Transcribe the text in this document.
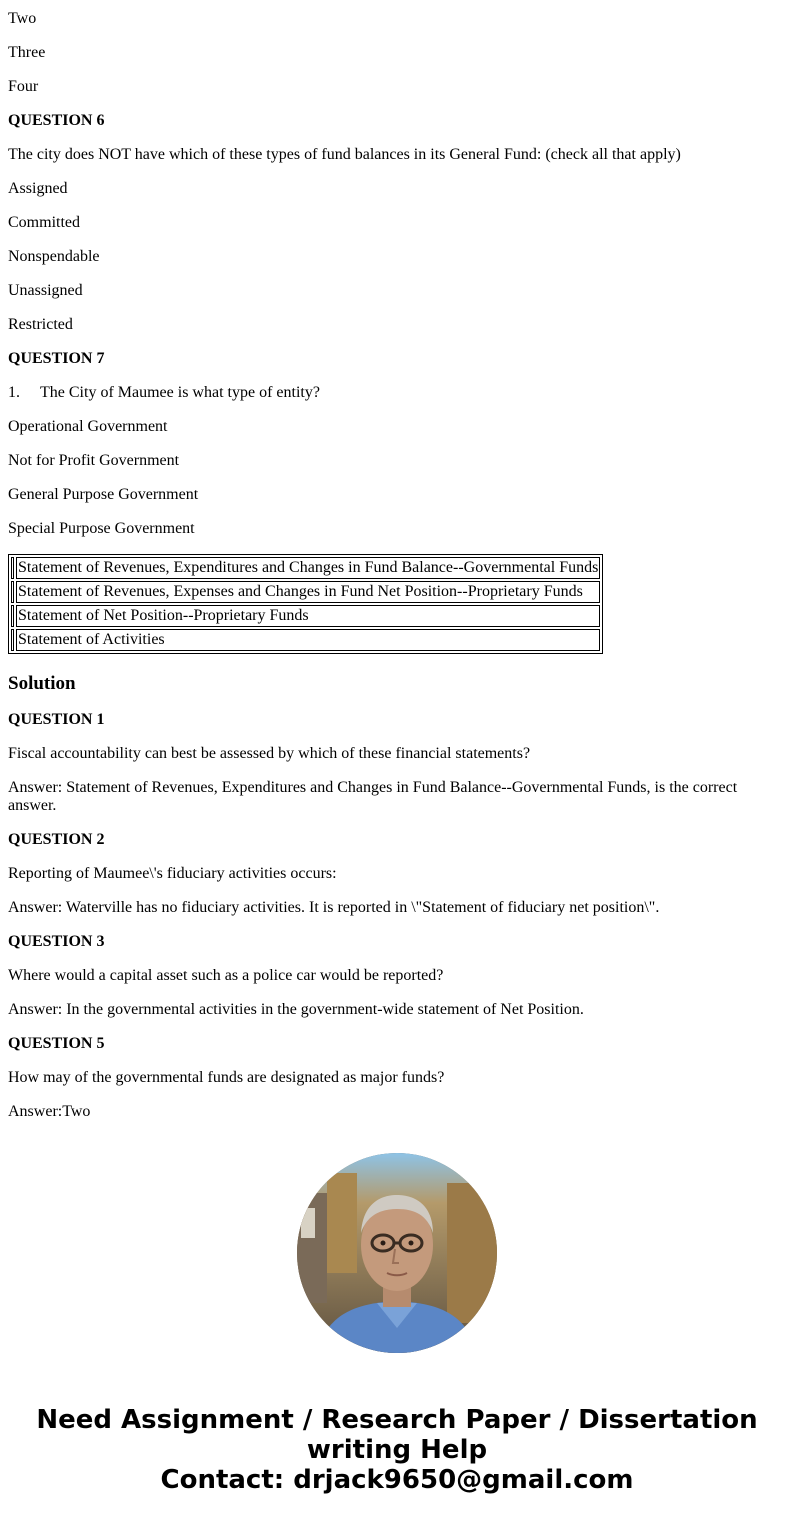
Two

Three

Four

QUESTION 6

The city does NOT have which of these types of fund balances in its General Fund: (check all that apply)

Assigned

Committed

Nonspendable

Unassigned

Restricted

QUESTION 7

1. The City of Maumee is what type of entity?

Operational Government

Not for Profit Government

General Purpose Government

Special Purpose Government

	Statement of Revenues, Expenditures and Changes in Fund Balance--Governmental Funds
	Statement of Revenues, Expenses and Changes in Fund Net Position--Proprietary Funds
	Statement of Net Position--Proprietary Funds
	Statement of Activities
Solution

QUESTION 1

Fiscal accountability can best be assessed by which of these financial statements?

Answer: Statement of Revenues, Expenditures and Changes in Fund Balance--Governmental Funds, is the correct answer.

QUESTION 2

Reporting of Maumee\'s fiduciary activities occurs:

Answer: Waterville has no fiduciary activities. It is reported in \"Statement of fiduciary net position\".

QUESTION 3

Where would a capital asset such as a police car would be reported?

Answer: In the governmental activities in the government-wide statement of Net Position.

QUESTION 5

How may of the governmental funds are designated as major funds?

Answer:Two

Need Assignment / Research Paper / Dissertation writing Help
Contact: drjack9650@gmail.com
